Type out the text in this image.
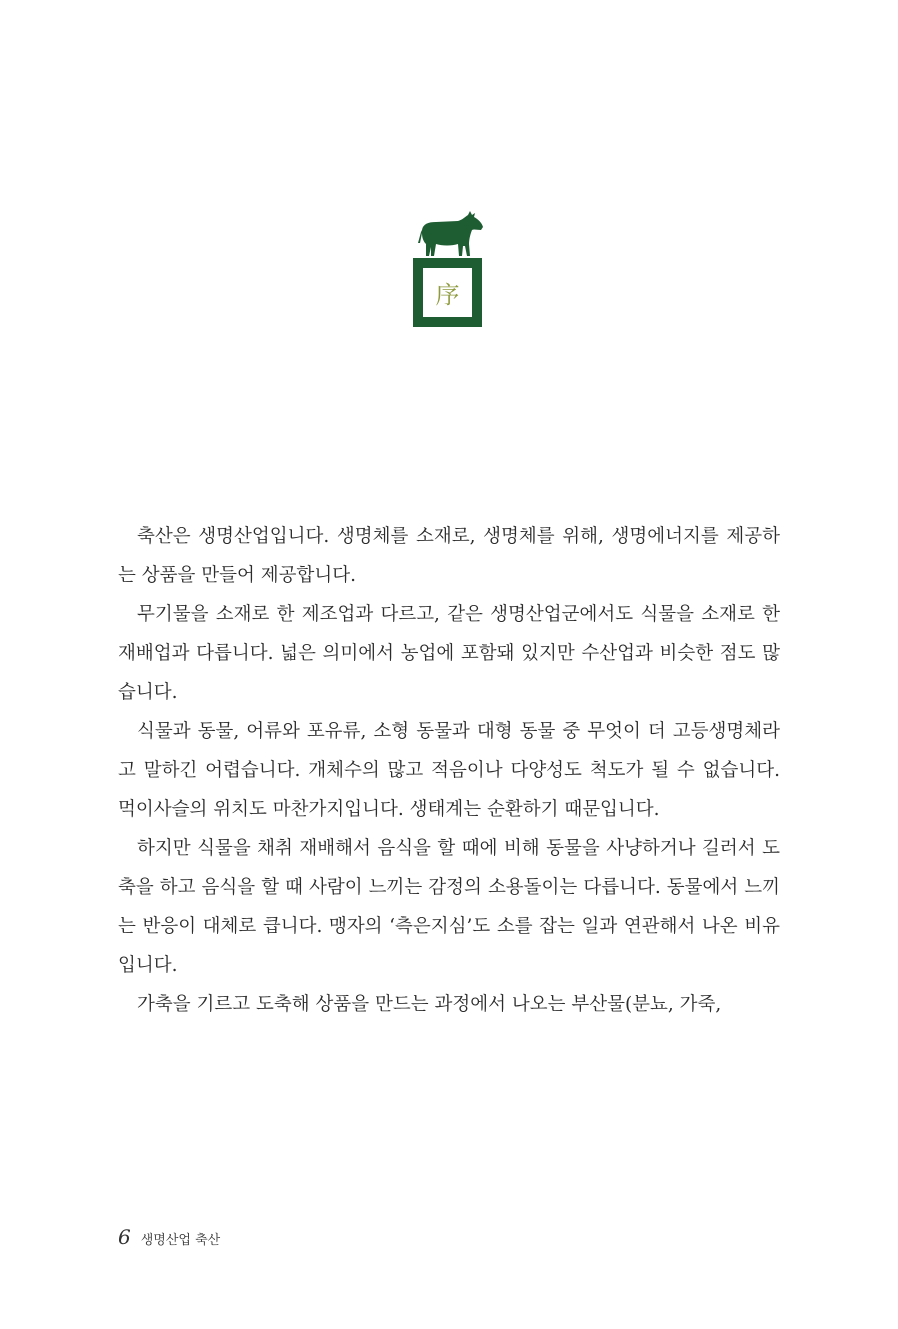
序

축산은 생명산업입니다. 생명체를 소재로, 생명체를 위해, 생명에너지를 제공하는 상품을 만들어 제공합니다.

무기물을 소재로 한 제조업과 다르고, 같은 생명산업군에서도 식물을 소재로 한 재배업과 다릅니다. 넓은 의미에서 농업에 포함돼 있지만 수산업과 비슷한 점도 많습니다.

식물과 동물, 어류와 포유류, 소형 동물과 대형 동물 중 무엇이 더 고등생명체라고 말하긴 어렵습니다. 개체수의 많고 적음이나 다양성도 척도가 될 수 없습니다. 먹이사슬의 위치도 마찬가지입니다. 생태계는 순환하기 때문입니다.

하지만 식물을 채취 재배해서 음식을 할 때에 비해 동물을 사냥하거나 길러서 도축을 하고 음식을 할 때 사람이 느끼는 감정의 소용돌이는 다릅니다. 동물에서 느끼는 반응이 대체로 큽니다. 맹자의 ‘측은지심’도 소를 잡는 일과 연관해서 나온 비유입니다.

가축을 기르고 도축해 상품을 만드는 과정에서 나오는 부산물(분뇨, 가죽,

6 생명산업 축산
